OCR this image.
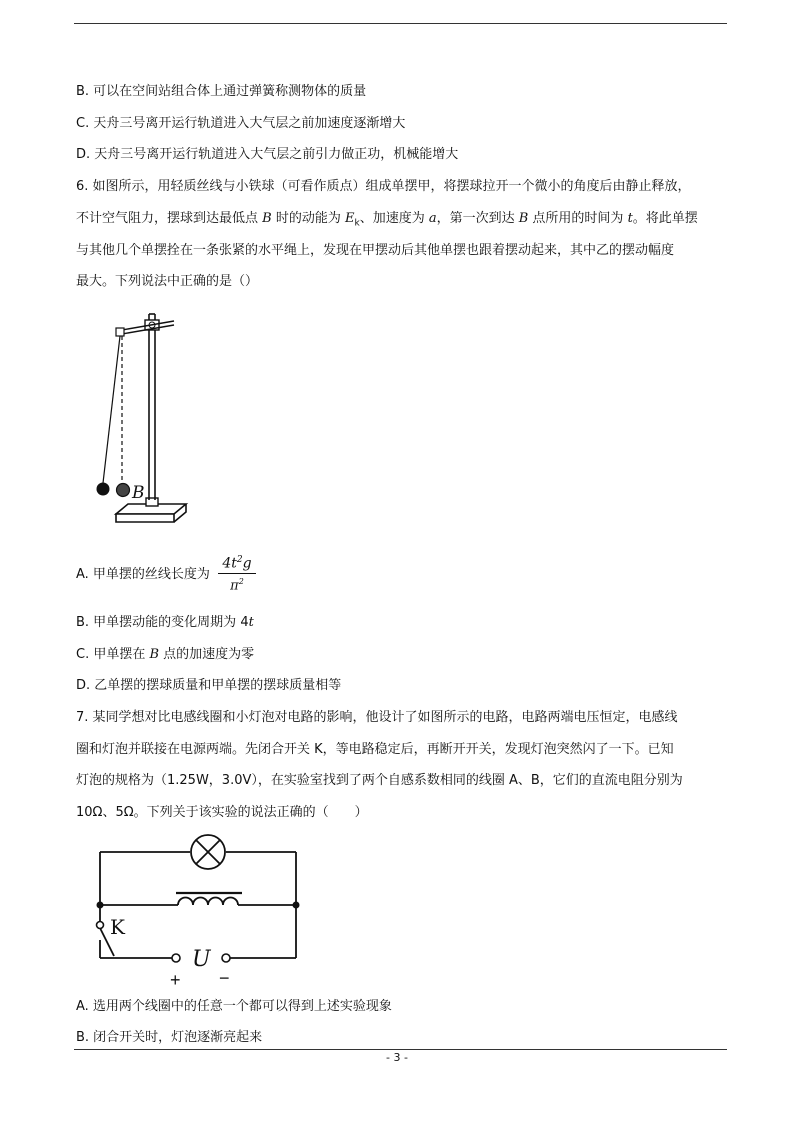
B. 可以在空间站组合体上通过弹簧称测物体的质量
C. 天舟三号离开运行轨道进入大气层之前加速度逐渐增大
D. 天舟三号离开运行轨道进入大气层之前引力做正功，机械能增大
6. 如图所示，用轻质丝线与小铁球（可看作质点）组成单摆甲，将摆球拉开一个微小的角度后由静止释放，
不计空气阻力，摆球到达最低点 B 时的动能为 $E_k$、加速度为 a，第一次到达 B 点所用的时间为 t。将此单摆
与其他几个单摆拴在一条张紧的水平绳上，发现在甲摆动后其他单摆也跟着摆动起来，其中乙的摆动幅度
最大。下列说法中正确的是（）
B
A. 甲单摆的丝线长度为 $\frac{4t^2g}{\pi^2}$
B. 甲单摆动能的变化周期为 4t
C. 甲单摆在 B 点的加速度为零
D. 乙单摆的摆球质量和甲单摆的摆球质量相等
7. 某同学想对比电感线圈和小灯泡对电路的影响，他设计了如图所示的电路，电路两端电压恒定，电感线
圈和灯泡并联接在电源两端。先闭合开关 K，等电路稳定后，再断开开关，发现灯泡突然闪了一下。已知
灯泡的规格为（1.25W，3.0V），在实验室找到了两个自感系数相同的线圈 A、B，它们的直流电阻分别为
10Ω、5Ω。下列关于该实验的说法正确的（　　）
K
U
+ −
A. 选用两个线圈中的任意一个都可以得到上述实验现象
B. 闭合开关时，灯泡逐渐亮起来
- 3 -
